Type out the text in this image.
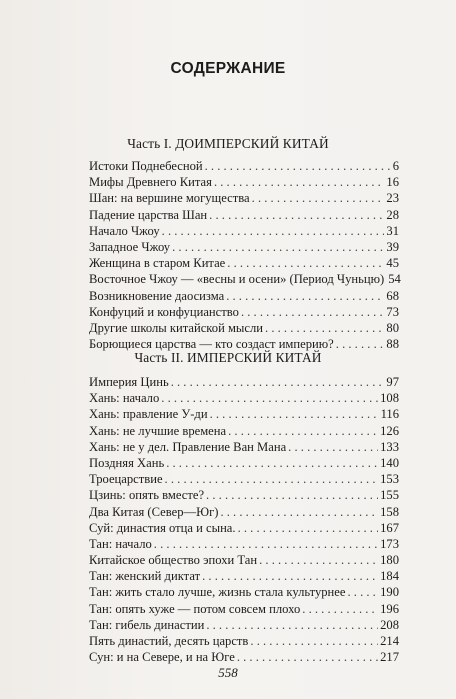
СОДЕРЖАНИЕ
Часть I. ДОИМПЕРСКИЙ КИТАЙ
Истоки Поднебесной . . .	6
Мифы Древнего Китая . . .	16
Шан: на вершине могущества . . .	23
Падение царства Шан . . .	28
Начало Чжоу . . .	31
Западное Чжоу . . .	39
Женщина в старом Китае . . .	45
Восточное Чжоу — «весны и осени» (Период Чуньцю) 54
Возникновение даосизма . . .	68
Конфуций и конфуцианство . . .	73
Другие школы китайской мысли . . .	80
Борющиеся царства — кто создаст империю? . . .	88
Часть II. ИМПЕРСКИЙ КИТАЙ
Империя Цинь . . .	97
Хань: начало . . .	108
Хань: правление У-ди . . .	116
Хань: не лучшие времена . . .	126
Хань: не у дел. Правление Ван Мана . . .	133
Поздняя Хань . . .	140
Троецарствие . . .	153
Цзинь: опять вместе? . . .	155
Два Китая (Север—Юг) . . .	158
Суй: династия отца и сына. . . .	167
Тан: начало . . .	173
Китайское общество эпохи Тан . . .	180
Тан: женский диктат . . .	184
Тан: жить стало лучше, жизнь стала культурнее . . .	190
Тан: опять хуже — потом совсем плохо . . .	196
Тан: гибель династии . . .	208
Пять династий, десять царств . . .	214
Сун: и на Севере, и на Юге . . .	217
558
